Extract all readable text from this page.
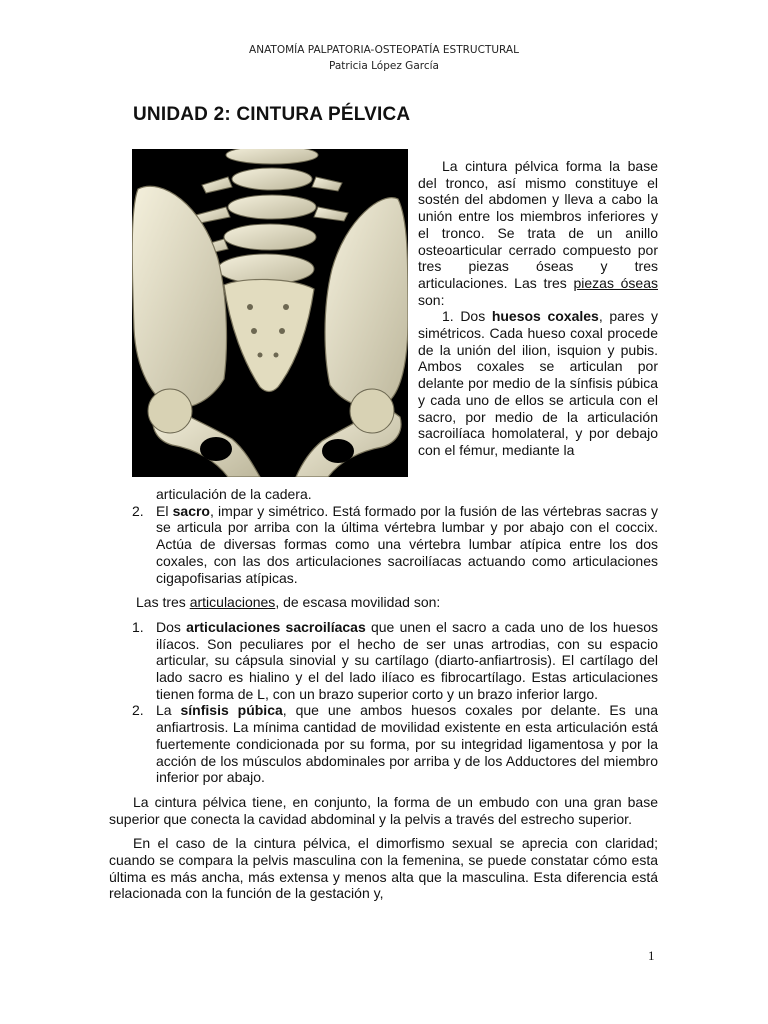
ANATOMÍA PALPATORIA-OSTEOPATÍA ESTRUCTURAL
Patricia López García
UNIDAD 2: CINTURA PÉLVICA

La cintura pélvica forma la base del tronco, así mismo constituye el sostén del abdomen y lleva a cabo la unión entre los miembros inferiores y el tronco. Se trata de un anillo osteoarticular cerrado compuesto por tres piezas óseas y tres articulaciones. Las tres piezas óseas son:

1. Dos huesos coxales, pares y simétricos. Cada hueso coxal procede de la unión del ilion, isquion y pubis. Ambos coxales se articulan por delante por medio de la sínfisis púbica y cada uno de ellos se articula con el sacro, por medio de la articulación sacroilíaca homolateral, y por debajo con el fémur, mediante la

articulación de la cadera.

2. El sacro, impar y simétrico. Está formado por la fusión de las vértebras sacras y se articula por arriba con la última vértebra lumbar y por abajo con el coccix. Actúa de diversas formas como una vértebra lumbar atípica entre los dos coxales, con las dos articulaciones sacroilíacas actuando como articulaciones cigapofisarias atípicas.

Las tres articulaciones, de escasa movilidad son:

1. Dos articulaciones sacroilíacas que unen el sacro a cada uno de los huesos ilíacos. Son peculiares por el hecho de ser unas artrodias, con su espacio articular, su cápsula sinovial y su cartílago (diarto-anfiartrosis). El cartílago del lado sacro es hialino y el del lado ilíaco es fibrocartílago. Estas articulaciones tienen forma de L, con un brazo superior corto y un brazo inferior largo.
2. La sínfisis púbica, que une ambos huesos coxales por delante. Es una anfiartrosis. La mínima cantidad de movilidad existente en esta articulación está fuertemente condicionada por su forma, por su integridad ligamentosa y por la acción de los músculos abdominales por arriba y de los Adductores del miembro inferior por abajo.

La cintura pélvica tiene, en conjunto, la forma de un embudo con una gran base superior que conecta la cavidad abdominal y la pelvis a través del estrecho superior.

En el caso de la cintura pélvica, el dimorfismo sexual se aprecia con claridad; cuando se compara la pelvis masculina con la femenina, se puede constatar cómo esta última es más ancha, más extensa y menos alta que la masculina. Esta diferencia está relacionada con la función de la gestación y,

1
